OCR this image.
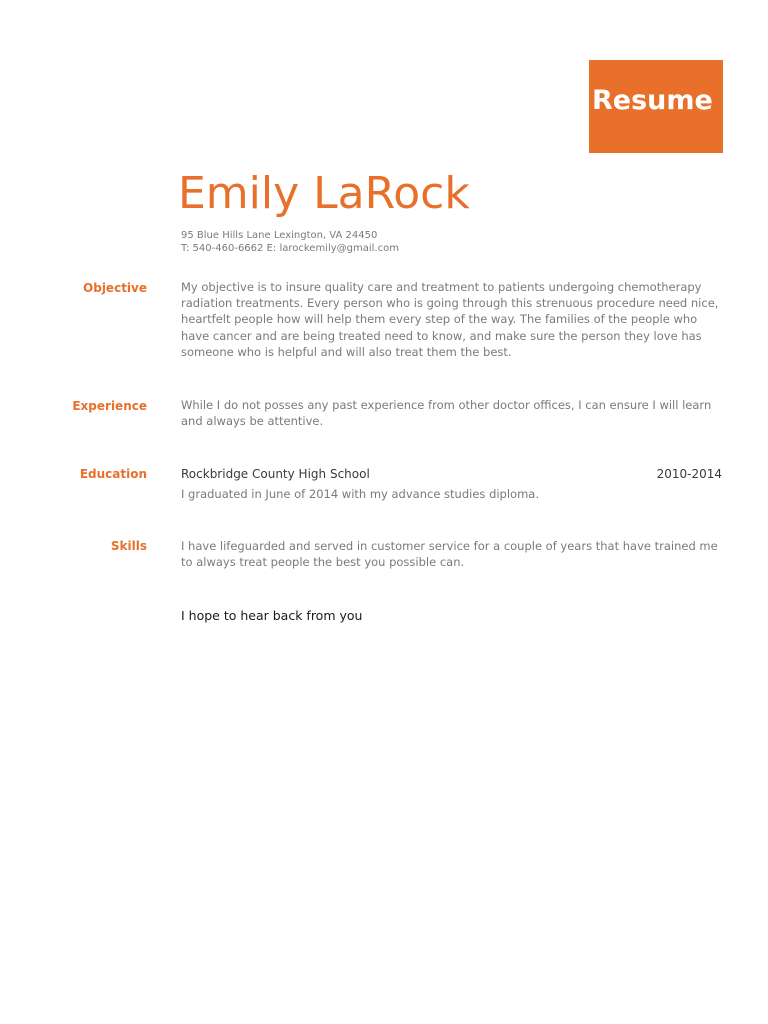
Resume
Emily LaRock
95 Blue Hills Lane Lexington, VA 24450
T: 540-460-6662 E: larockemily@gmail.com
Objective	My objective is to insure quality care and treatment to patients undergoing chemotherapy radiation treatments. Every person who is going through this strenuous procedure need nice, heartfelt people how will help them every step of the way. The families of the people who have cancer and are being treated need to know, and make sure the person they love has someone who is helpful and will also treat them the best.
Experience	While I do not posses any past experience from other doctor offices, I can ensure I will learn and always be attentive.
Education	Rockbridge County High School	2010-2014
I graduated in June of 2014 with my advance studies diploma.
Skills	I have lifeguarded and served in customer service for a couple of years that have trained me to always treat people the best you possible can.
I hope to hear back from you
